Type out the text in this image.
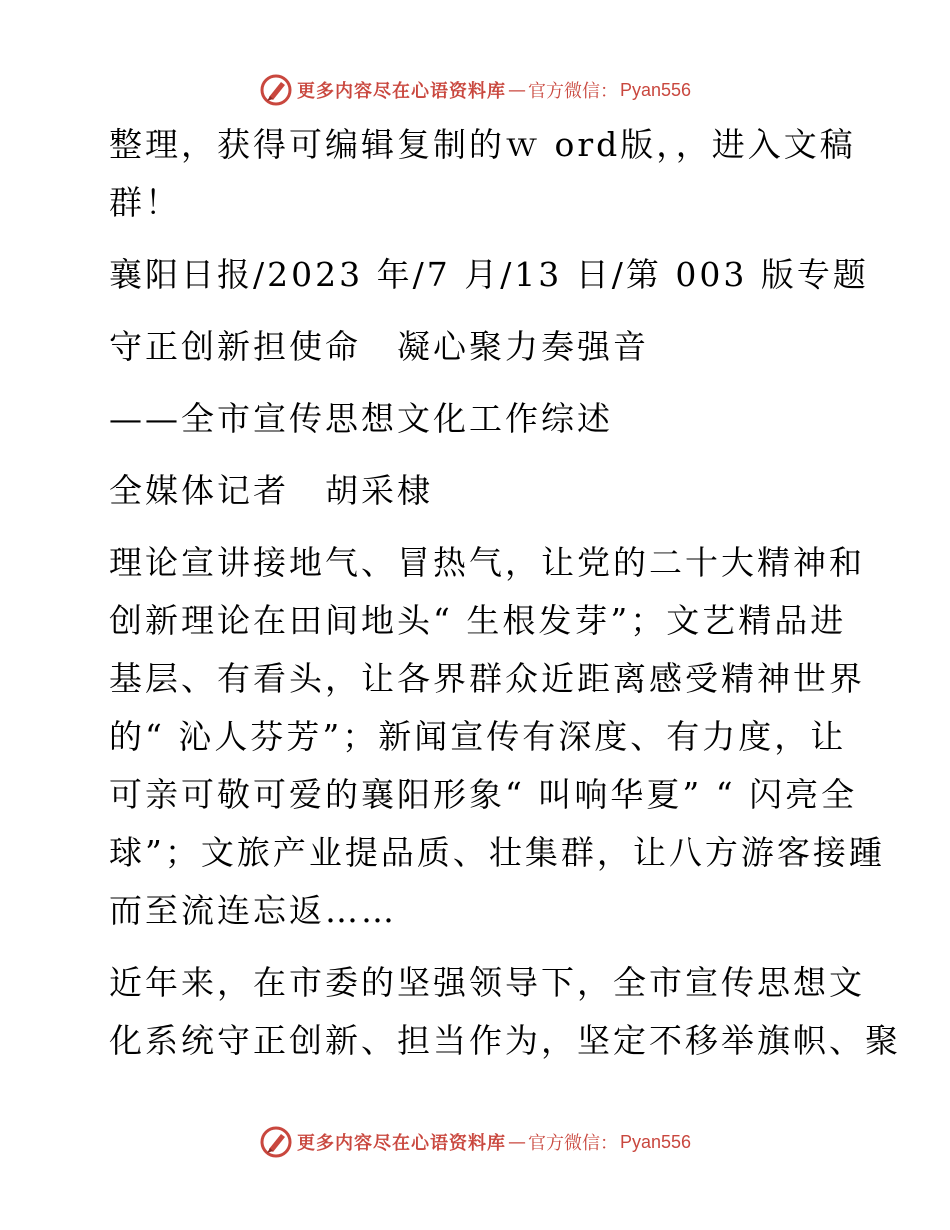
更多内容尽在心语资料库 — 官方微信： Pyan556

整理，获得可编辑复制的ｗ ord版，，进入文稿
群！

襄阳日报/2023 年/7 月/13 日/第 003 版专题

守正创新担使命　凝心聚力奏强音

——全市宣传思想文化工作综述

全媒体记者　胡采棣

理论宣讲接地气、冒热气，让党的二十大精神和
创新理论在田间地头“ 生根发芽”；文艺精品进
基层、有看头，让各界群众近距离感受精神世界
的“ 沁人芬芳”；新闻宣传有深度、有力度，让
可亲可敬可爱的襄阳形象“ 叫响华夏” “ 闪亮全
球”；文旅产业提品质、壮集群，让八方游客接踵
而至流连忘返……

近年来，在市委的坚强领导下，全市宣传思想文
化系统守正创新、担当作为，坚定不移举旗帜、聚

更多内容尽在心语资料库 — 官方微信： Pyan556
